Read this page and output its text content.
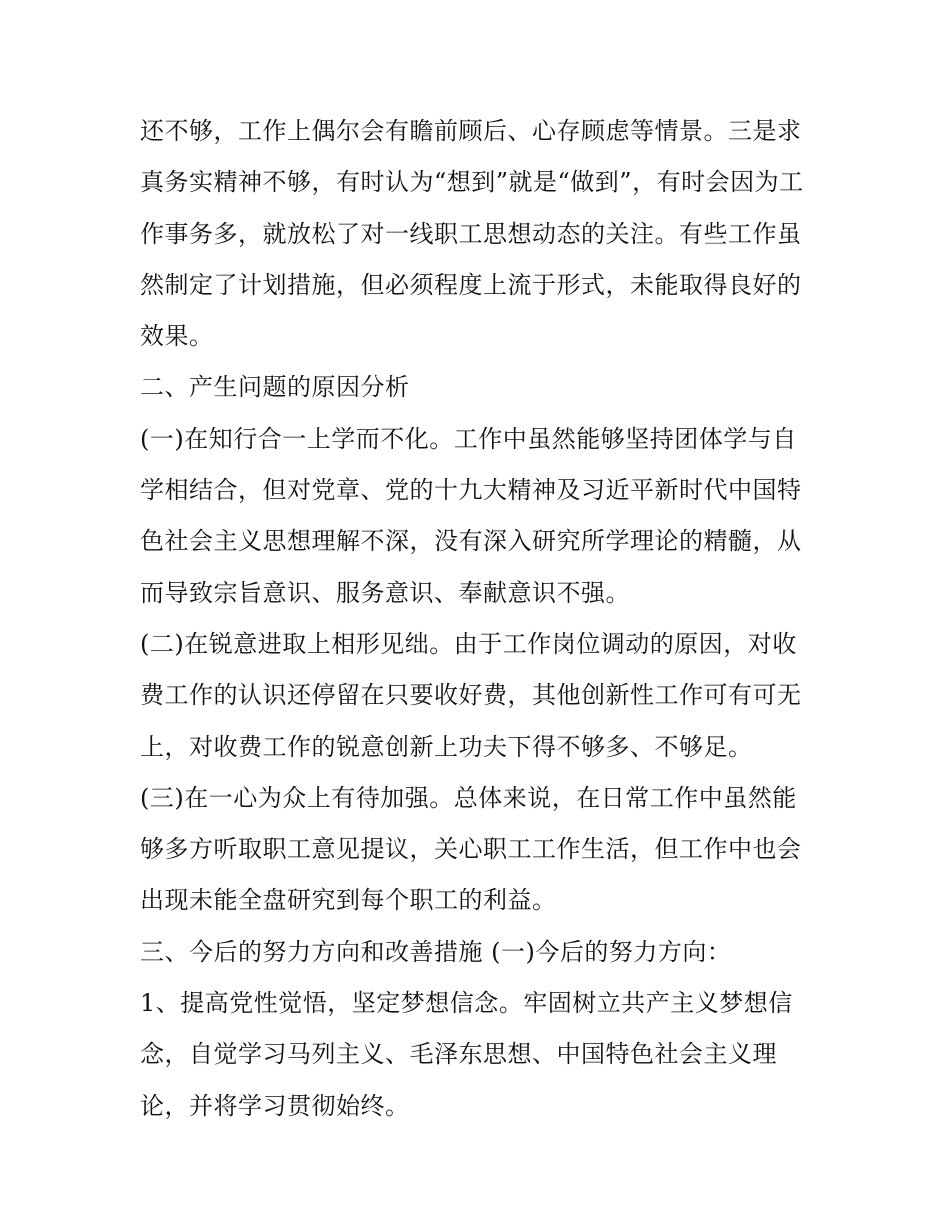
还不够，工作上偶尔会有瞻前顾后、心存顾虑等情景。三是求
真务实精神不够，有时认为“想到”就是“做到”，有时会因为工
作事务多，就放松了对一线职工思想动态的关注。有些工作虽
然制定了计划措施，但必须程度上流于形式，未能取得良好的
效果。
二、产生问题的原因分析
(一)在知行合一上学而不化。工作中虽然能够坚持团体学与自
学相结合，但对党章、党的十九大精神及习近平新时代中国特
色社会主义思想理解不深，没有深入研究所学理论的精髓，从
而导致宗旨意识、服务意识、奉献意识不强。
(二)在锐意进取上相形见绌。由于工作岗位调动的原因，对收
费工作的认识还停留在只要收好费，其他创新性工作可有可无
上，对收费工作的锐意创新上功夫下得不够多、不够足。
(三)在一心为众上有待加强。总体来说，在日常工作中虽然能
够多方听取职工意见提议，关心职工工作生活，但工作中也会
出现未能全盘研究到每个职工的利益。
三、今后的努力方向和改善措施 (一)今后的努力方向：
1、提高党性觉悟，坚定梦想信念。牢固树立共产主义梦想信
念，自觉学习马列主义、毛泽东思想、中国特色社会主义理
论，并将学习贯彻始终。
